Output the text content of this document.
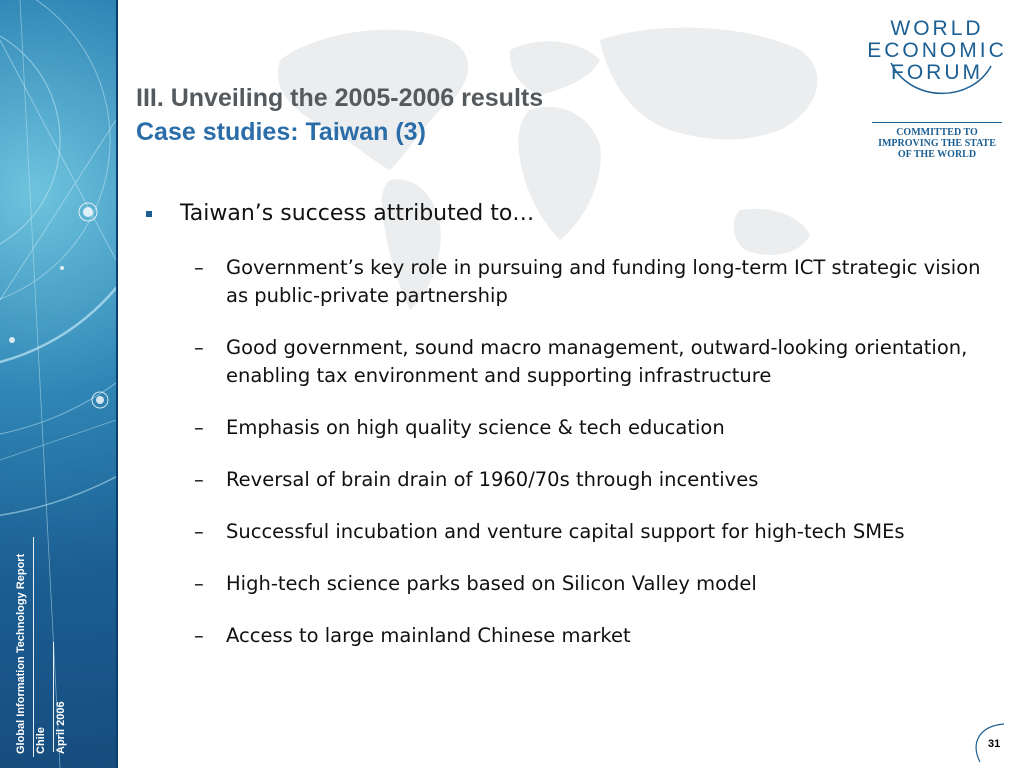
Global Information Technology Report Chile April 2006
WORLD
ECONOMIC
FORUM
COMMITTED TO
IMPROVING THE STATE
OF THE WORLD
III. Unveiling the 2005-2006 results
Case studies: Taiwan (3)
Taiwan’s success attributed to…
– Government’s key role in pursuing and funding long-term ICT strategic vision as public-private partnership
– Good government, sound macro management, outward-looking orientation, enabling tax environment and supporting infrastructure
– Emphasis on high quality science & tech education
– Reversal of brain drain of 1960/70s through incentives
– Successful incubation and venture capital support for high-tech SMEs
– High-tech science parks based on Silicon Valley model
– Access to large mainland Chinese market
31
